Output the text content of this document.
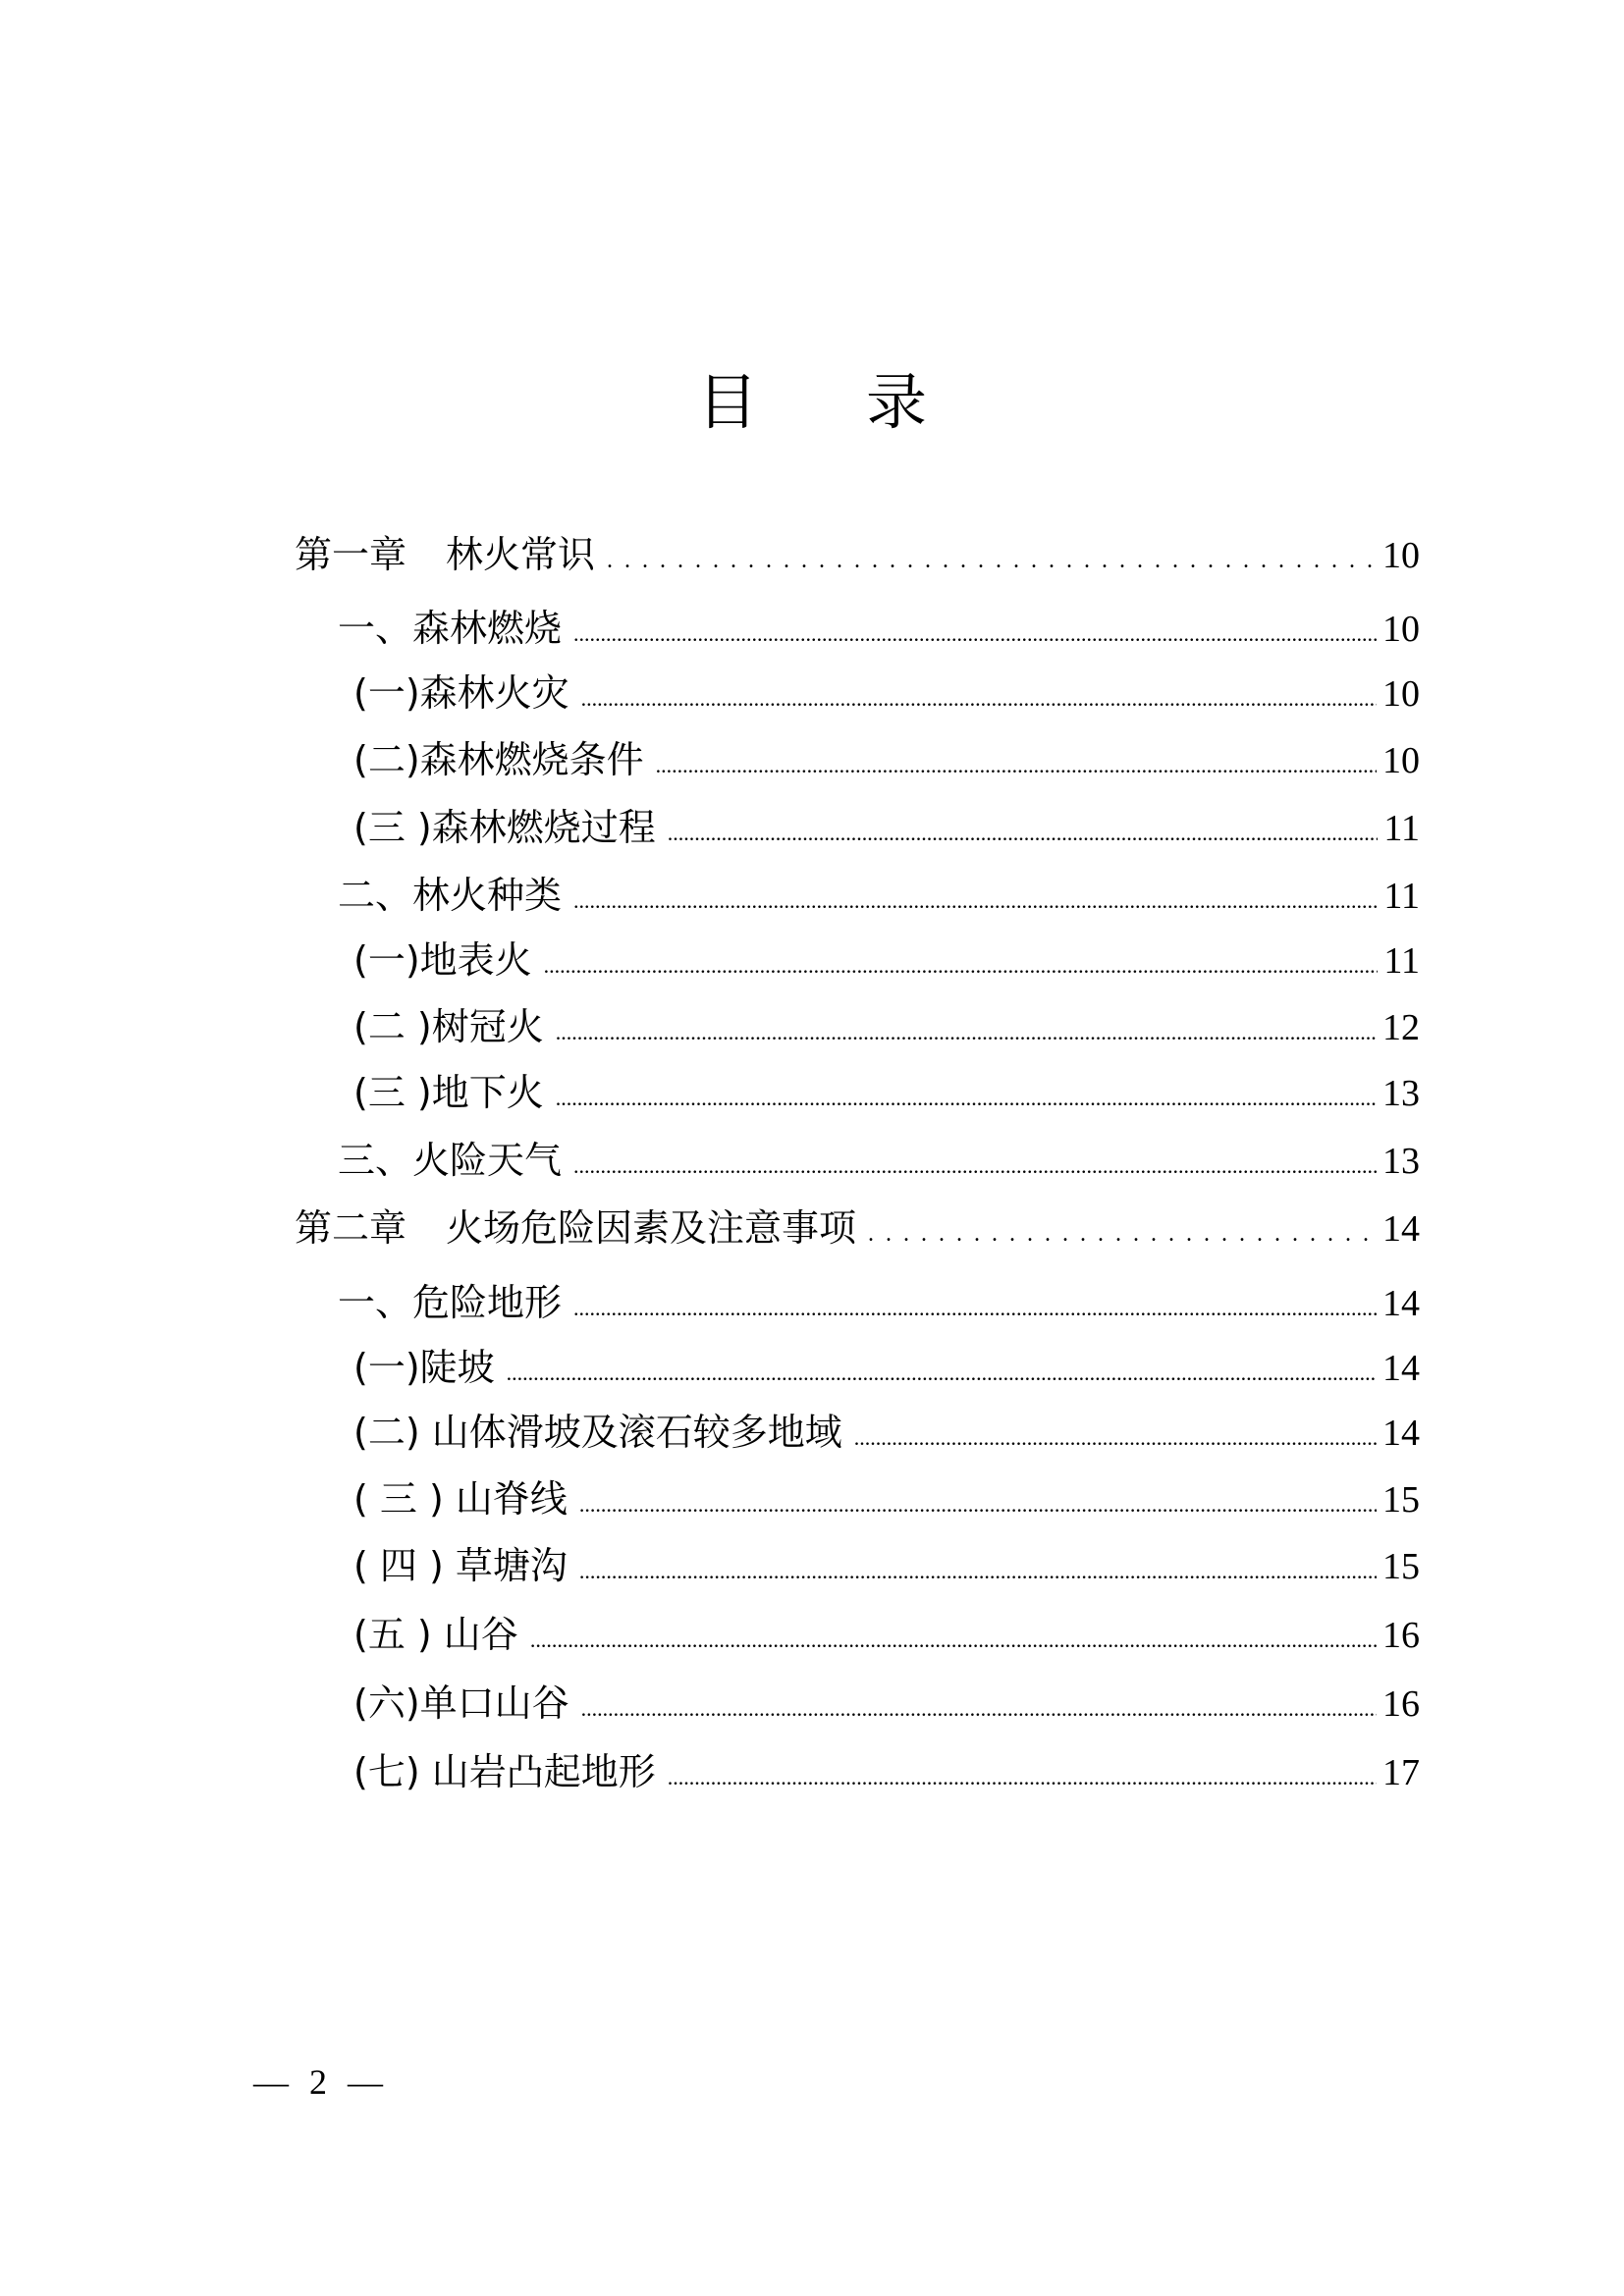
目 录
第一章 林火常识 .....	10
一、森林燃烧 .....	10
(一)森林火灾 .....	10
(二)森林燃烧条件 .....	10
(三 )森林燃烧过程 .....	11
二、林火种类 .....	11
(一)地表火 .....	11
(二 )树冠火 .....	12
(三 )地下火 .....	13
三、火险天气 .....	13
第二章 火场危险因素及注意事项 .....	14
一、危险地形 .....	14
(一)陡坡 .....	14
(二) 山体滑坡及滚石较多地域 .....	14
( 三 ) 山脊线 .....	15
( 四 ) 草塘沟 .....	15
(五 ) 山谷 .....	16
(六)单口山谷 .....	16
(七) 山岩凸起地形 .....	17
— 2 —
